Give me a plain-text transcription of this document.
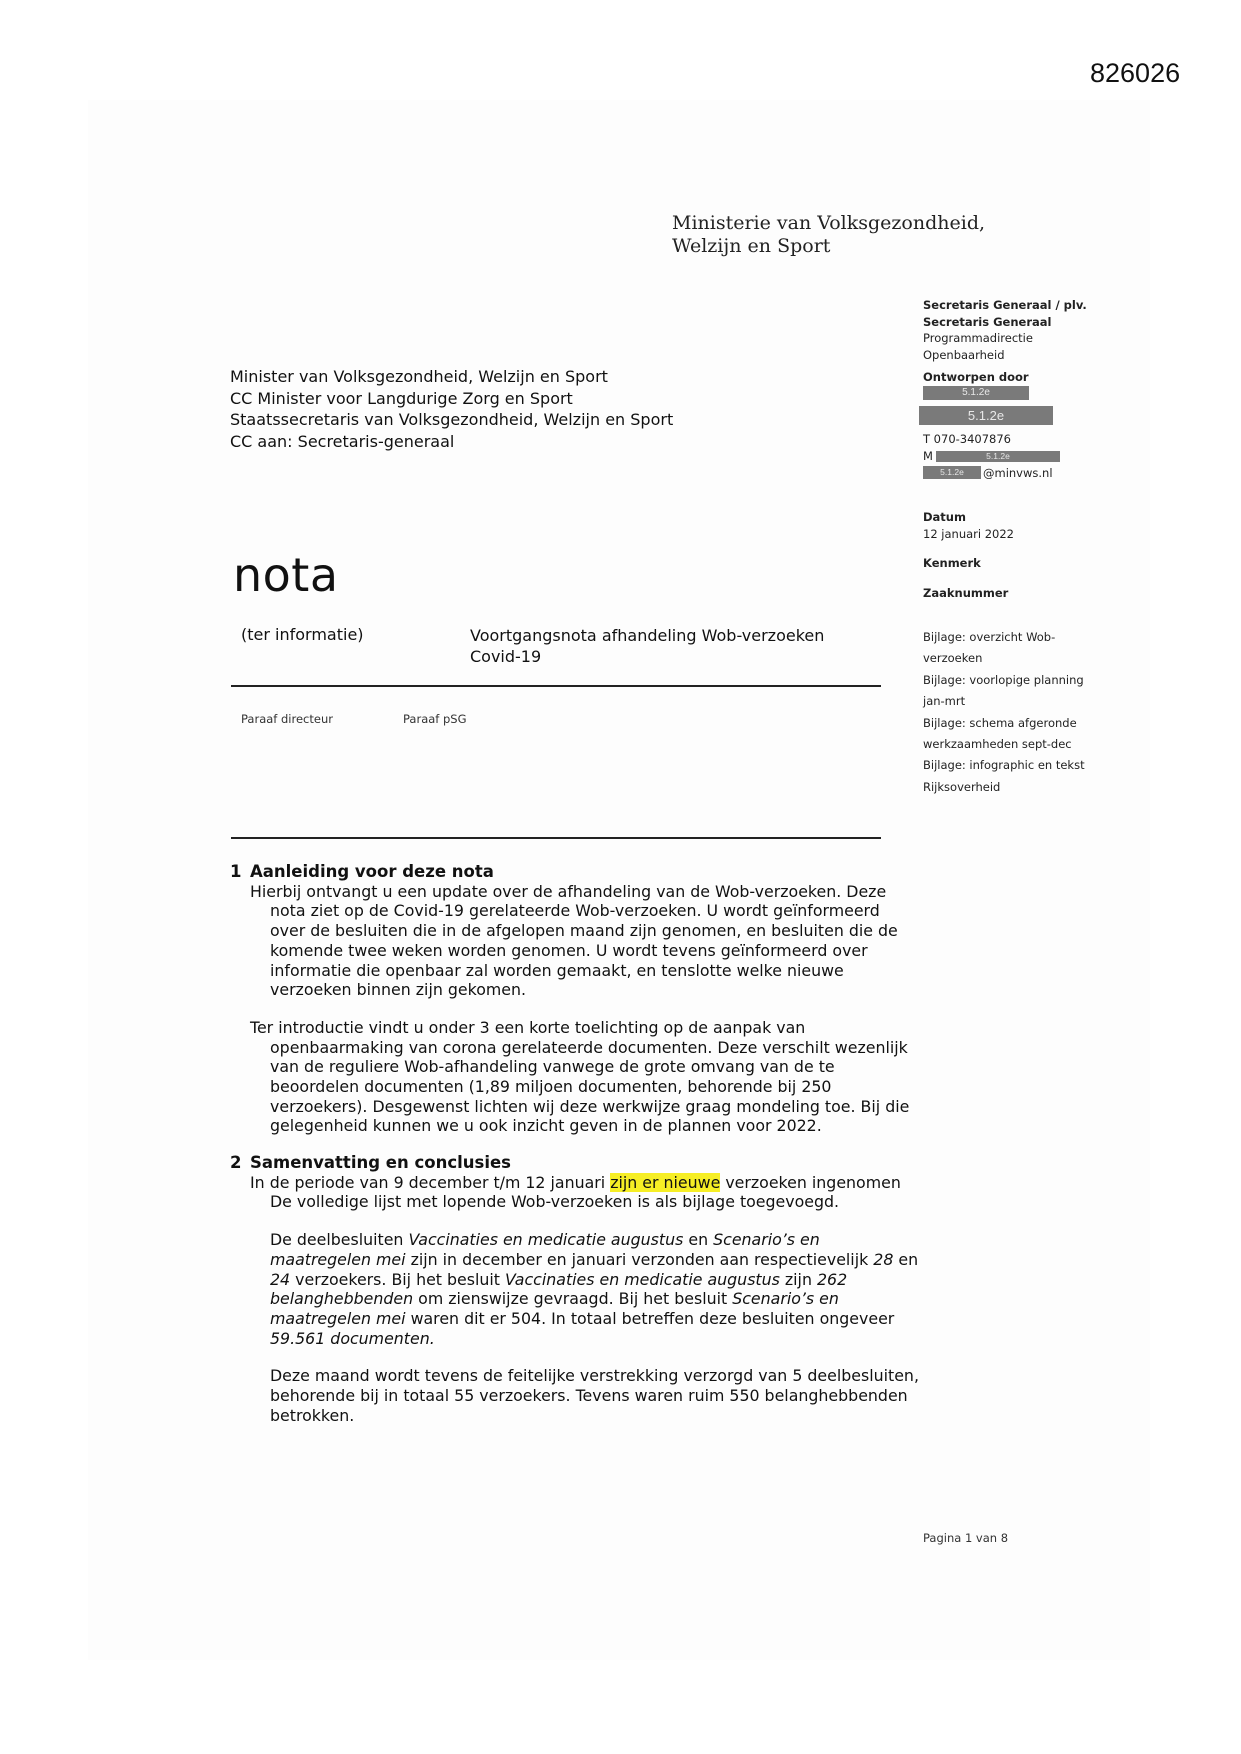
826026
Ministerie van Volksgezondheid,
Welzijn en Sport
Secretaris Generaal / plv.
Secretaris Generaal
Programmadirectie
Openbaarheid
Ontworpen door
5.1.2e
5.1.2e
T 070-3407876
M	5.1.2e
5.1.2e	@minvws.nl
Datum
12 januari 2022
Kenmerk
Zaaknummer
Bijlage: overzicht Wob-
verzoeken
Bijlage: voorlopige planning
jan-mrt
Bijlage: schema afgeronde
werkzaamheden sept-dec
Bijlage: infographic en tekst
Rijksoverheid
Minister van Volksgezondheid, Welzijn en Sport
CC Minister voor Langdurige Zorg en Sport
Staatssecretaris van Volksgezondheid, Welzijn en Sport
CC aan: Secretaris-generaal
nota
(ter informatie)	Voortgangsnota afhandeling Wob-verzoeken
Covid-19
Paraaf directeur	Paraaf pSG
1 Aanleiding voor deze nota

Hierbij ontvangt u een update over de afhandeling van de Wob-verzoeken. Deze nota ziet op de Covid-19 gerelateerde Wob-verzoeken. U wordt geïnformeerd over de besluiten die in de afgelopen maand zijn genomen, en besluiten die de komende twee weken worden genomen. U wordt tevens geïnformeerd over informatie die openbaar zal worden gemaakt, en tenslotte welke nieuwe verzoeken binnen zijn gekomen.

Ter introductie vindt u onder 3 een korte toelichting op de aanpak van openbaarmaking van corona gerelateerde documenten. Deze verschilt wezenlijk van de reguliere Wob-afhandeling vanwege de grote omvang van de te beoordelen documenten (1,89 miljoen documenten, behorende bij 250 verzoekers). Desgewenst lichten wij deze werkwijze graag mondeling toe. Bij die gelegenheid kunnen we u ook inzicht geven in de plannen voor 2022.

2 Samenvatting en conclusies

In de periode van 9 december t/m 12 januari zijn er nieuwe verzoeken ingenomen De volledige lijst met lopende Wob-verzoeken is als bijlage toegevoegd.

De deelbesluiten Vaccinaties en medicatie augustus en Scenario’s en maatregelen mei zijn in december en januari verzonden aan respectievelijk 28 en 24 verzoekers. Bij het besluit Vaccinaties en medicatie augustus zijn 262 belanghebbenden om zienswijze gevraagd. Bij het besluit Scenario’s en maatregelen mei waren dit er 504. In totaal betreffen deze besluiten ongeveer 59.561 documenten.

Deze maand wordt tevens de feitelijke verstrekking verzorgd van 5 deelbesluiten, behorende bij in totaal 55 verzoekers. Tevens waren ruim 550 belanghebbenden betrokken.

Pagina 1 van 8
